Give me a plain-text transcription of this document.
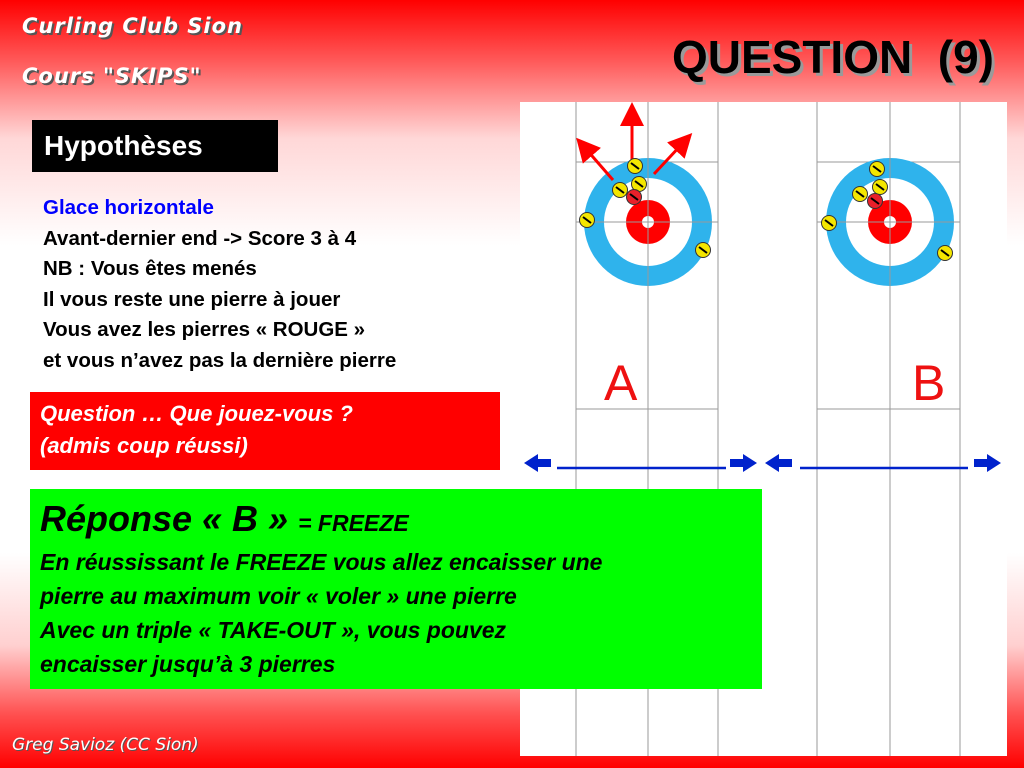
Curling Club Sion

Cours "SKIPS"	QUESTION  (9)
Hypothèses
Glace horizontale
Avant-dernier end -> Score 3 à 4
NB : Vous êtes menés
Il vous reste une pierre à jouer
Vous avez les pierres « ROUGE »
et vous n’avez pas la dernière pierre
Question … Que jouez-vous ?
(admis coup réussi)
A	B
Réponse « B » = FREEZE
En réussissant le FREEZE vous allez encaisser une
pierre au maximum voir « voler » une pierre
Avec un triple « TAKE-OUT », vous pouvez
encaisser jusqu’à 3 pierres

Greg Savioz (CC Sion)
